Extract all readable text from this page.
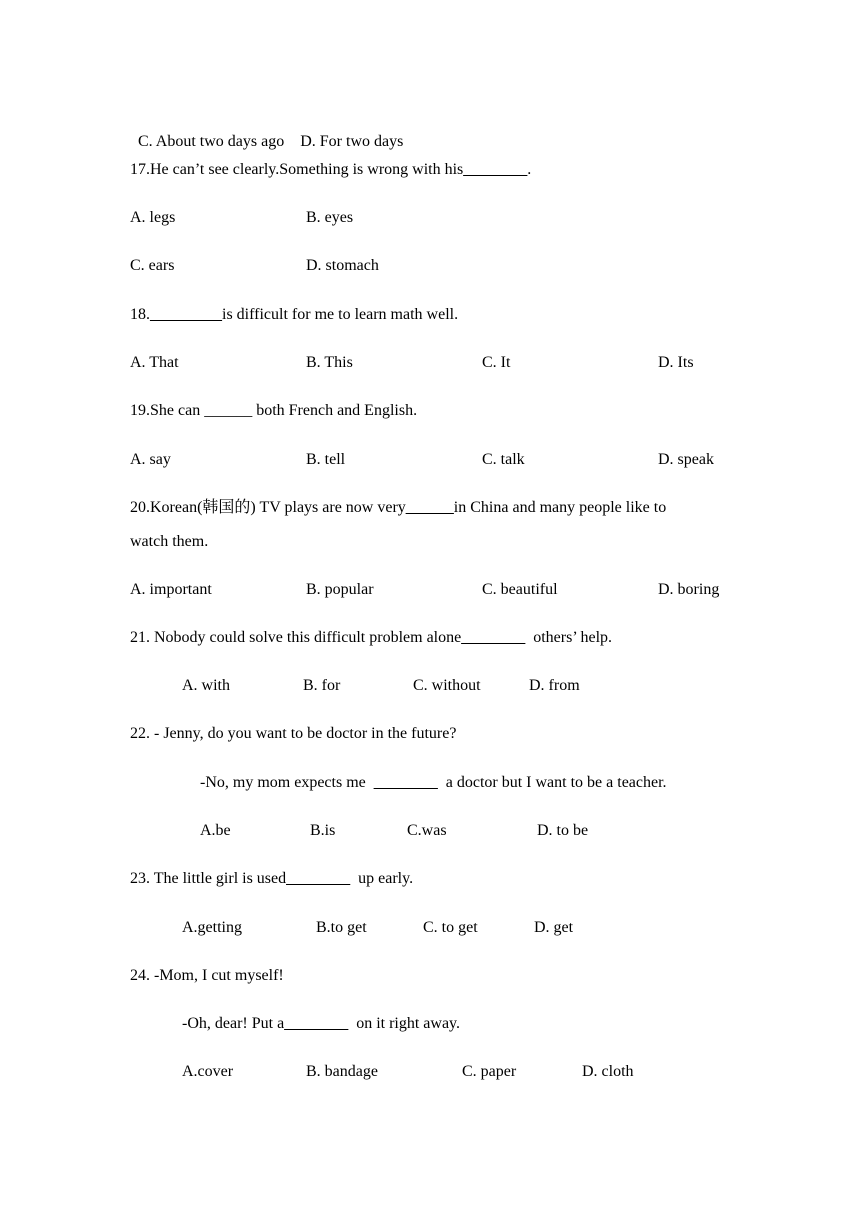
C. About two days ago D. For two days

17.He can’t see clearly.Something is wrong with his________.
A. legs	B. eyes
C. ears	D. stomach
18._________is difficult for me to learn math well.
A. That	B. This	C. It	D. Its
19.She can ______ both French and English.
A. say	B. tell	C. talk	D. speak
20.Korean(韩国的) TV plays are now very______in China and many people like to
watch them.
A. important	B. popular	C. beautiful	D. boring
21. Nobody could solve this difficult problem alone________  others’ help.
A. with	B. for	C. without	D. from
22. - Jenny, do you want to be doctor in the future?
-No, my mom expects me  ________  a doctor but I want to be a teacher.
A.be	B.is	C.was	D. to be
23. The little girl is used________  up early.
A.getting	B.to get	C. to get	D. get
24. -Mom, I cut myself!
-Oh, dear! Put a________  on it right away.
A.cover	B. bandage	C. paper	D. cloth
